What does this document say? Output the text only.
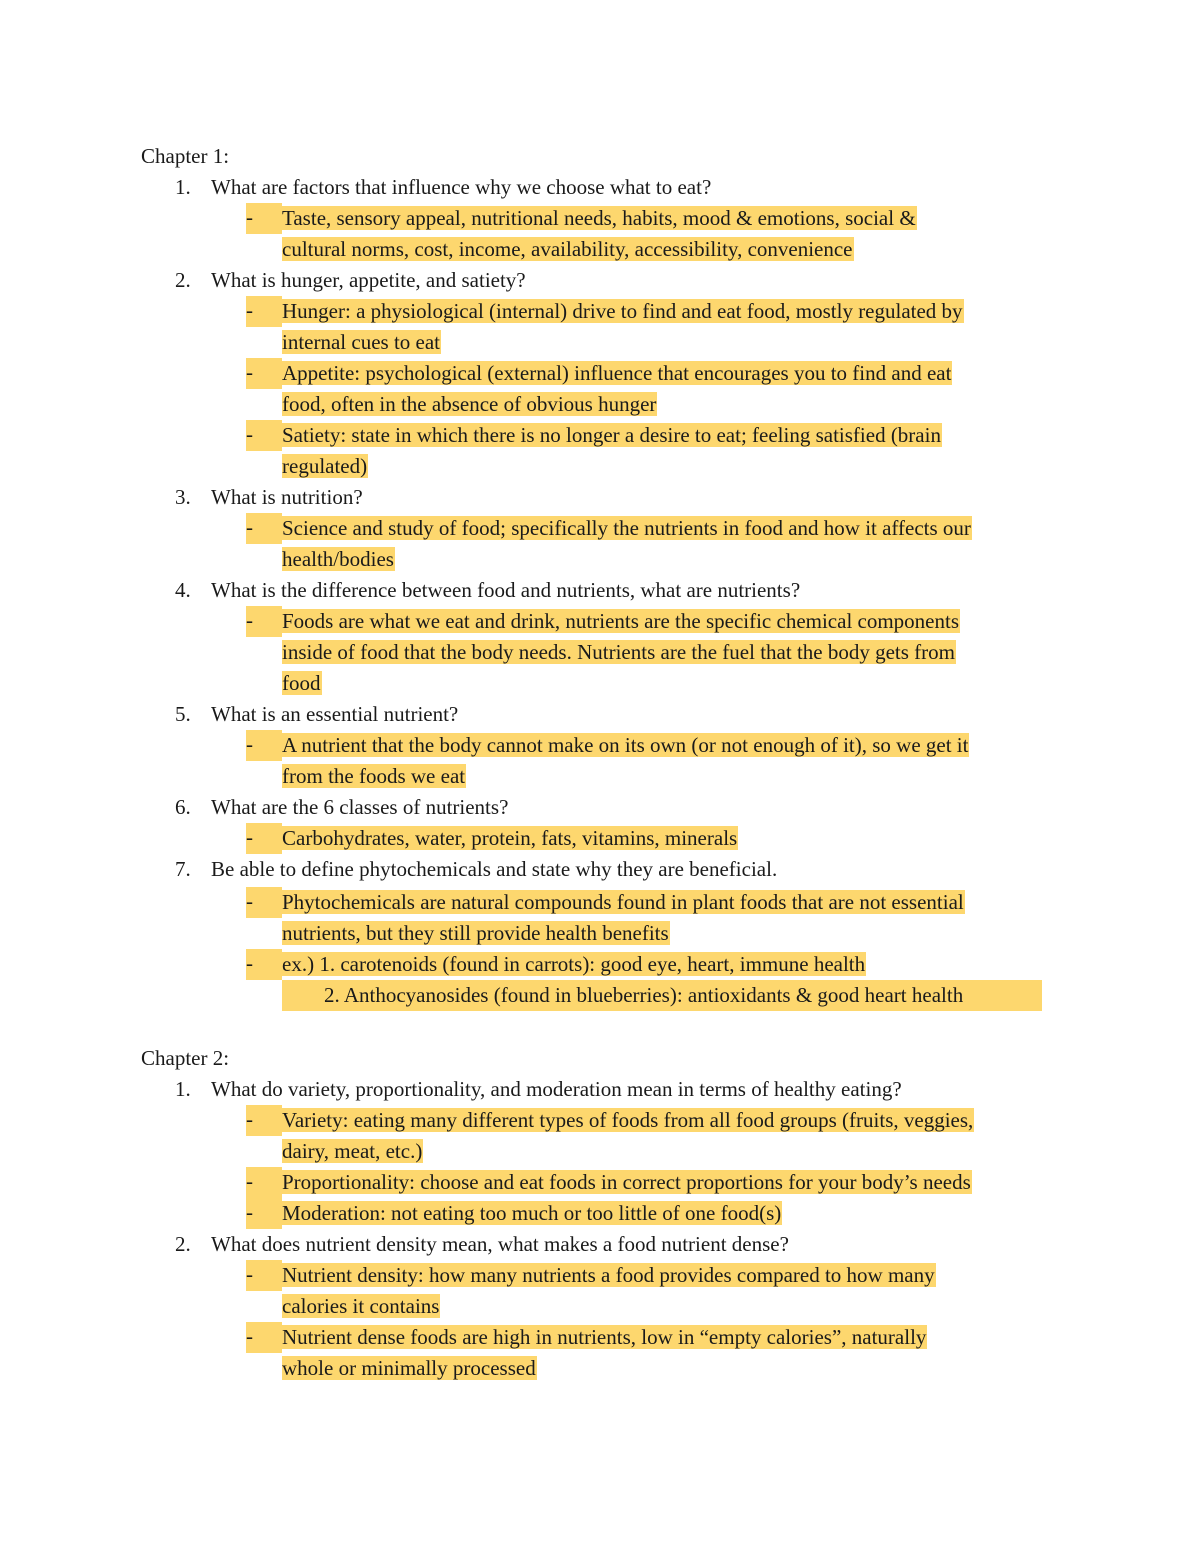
Chapter 1:
1. What are factors that influence why we choose what to eat?
-	Taste, sensory appeal, nutritional needs, habits, mood & emotions, social &
cultural norms, cost, income, availability, accessibility, convenience
2. What is hunger, appetite, and satiety?
-	Hunger: a physiological (internal) drive to find and eat food, mostly regulated by
internal cues to eat
-	Appetite: psychological (external) influence that encourages you to find and eat
food, often in the absence of obvious hunger
-	Satiety: state in which there is no longer a desire to eat; feeling satisfied (brain
regulated)
3. What is nutrition?
-	Science and study of food; specifically the nutrients in food and how it affects our
health/bodies
4. What is the difference between food and nutrients, what are nutrients?
-	Foods are what we eat and drink, nutrients are the specific chemical components
inside of food that the body needs. Nutrients are the fuel that the body gets from
food
5. What is an essential nutrient?
-	A nutrient that the body cannot make on its own (or not enough of it), so we get it
from the foods we eat
6. What are the 6 classes of nutrients?
-	Carbohydrates, water, protein, fats, vitamins, minerals
7. Be able to define phytochemicals and state why they are beneficial.
-	Phytochemicals are natural compounds found in plant foods that are not essential
nutrients, but they still provide health benefits
-	ex.) 1. carotenoids (found in carrots): good eye, heart, immune health
2. Anthocyanosides (found in blueberries): antioxidants & good heart health
Chapter 2:
1. What do variety, proportionality, and moderation mean in terms of healthy eating?
-	Variety: eating many different types of foods from all food groups (fruits, veggies,
dairy, meat, etc.)
-	Proportionality: choose and eat foods in correct proportions for your body’s needs
-	Moderation: not eating too much or too little of one food(s)
2. What does nutrient density mean, what makes a food nutrient dense?
-	Nutrient density: how many nutrients a food provides compared to how many
calories it contains
-	Nutrient dense foods are high in nutrients, low in “empty calories”, naturally
whole or minimally processed
